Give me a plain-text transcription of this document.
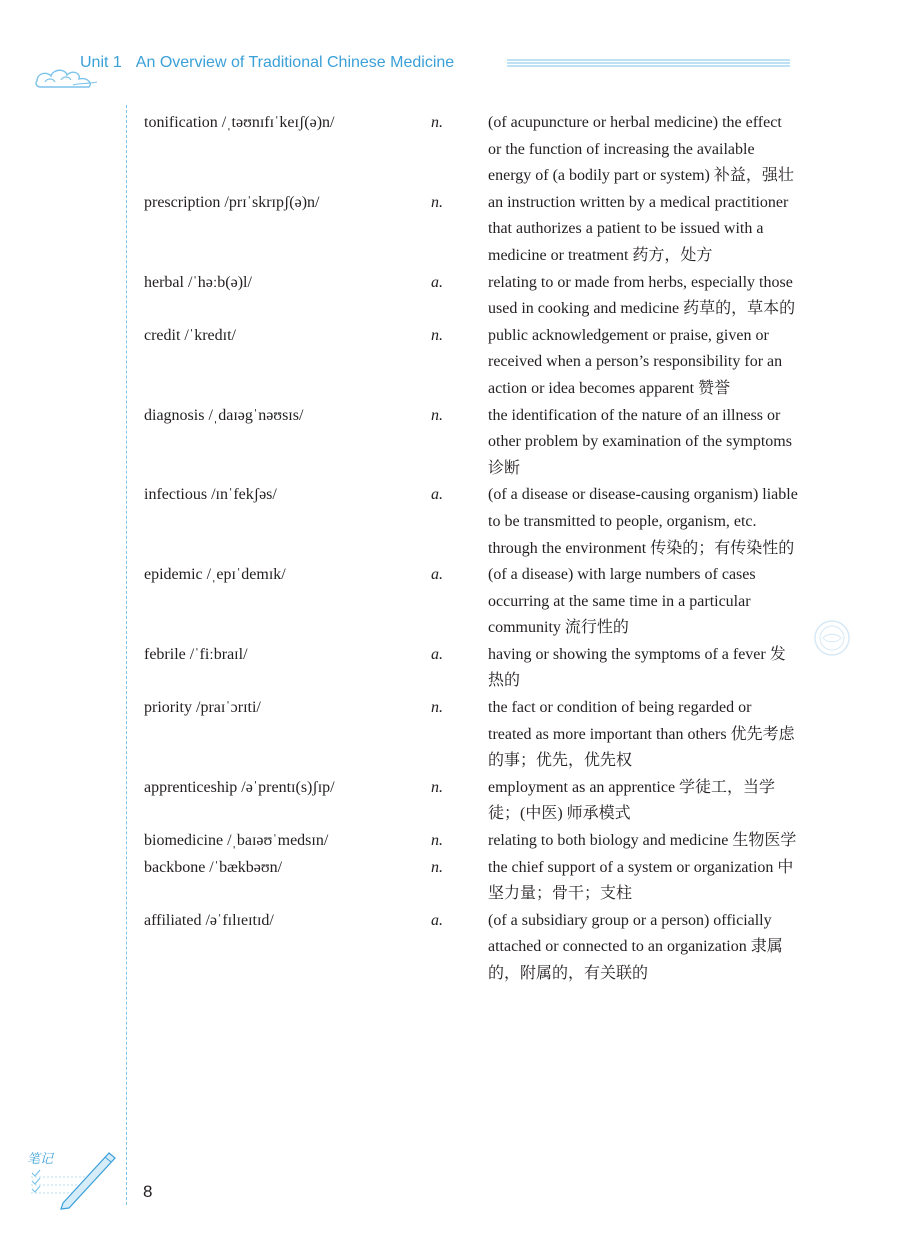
Unit 1 An Overview of Traditional Chinese Medicine
tonification /ˌtəʊnɪfɪˈkeɪʃ(ə)n/	n.	(of acupuncture or herbal medicine) the effect or the function of increasing the available energy of (a bodily part or system) 补益，强壮
prescription /prɪˈskrɪpʃ(ə)n/	n.	an instruction written by a medical practitioner that authorizes a patient to be issued with a medicine or treatment 药方，处方
herbal /ˈhəːb(ə)l/	a.	relating to or made from herbs, especially those used in cooking and medicine 药草的，草本的
credit /ˈkredɪt/	n.	public acknowledgement or praise, given or received when a person’s responsibility for an action or idea becomes apparent 赞誉
diagnosis /ˌdaɪəgˈnəʊsɪs/	n.	the identification of the nature of an illness or other problem by examination of the symptoms 诊断
infectious /ɪnˈfekʃəs/	a.	(of a disease or disease-causing organism) liable to be transmitted to people, organism, etc. through the environment 传染的；有传染性的
epidemic /ˌepɪˈdemɪk/	a.	(of a disease) with large numbers of cases occurring at the same time in a particular community 流行性的
febrile /ˈfiːbraɪl/	a.	having or showing the symptoms of a fever 发热的
priority /praɪˈɔrɪti/	n.	the fact or condition of being regarded or treated as more important than others 优先考虑的事；优先，优先权
apprenticeship /əˈprentɪ(s)ʃɪp/	n.	employment as an apprentice 学徒工，当学徒；(中医) 师承模式
biomedicine /ˌbaɪəʊˈmedsɪn/	n.	relating to both biology and medicine 生物医学
backbone /ˈbækbəʊn/	n.	the chief support of a system or organization 中坚力量；骨干；支柱
affiliated /əˈfɪlɪeɪtɪd/	a.	(of a subsidiary group or a person) officially attached or connected to an organization 隶属的，附属的，有关联的
笔记
8
